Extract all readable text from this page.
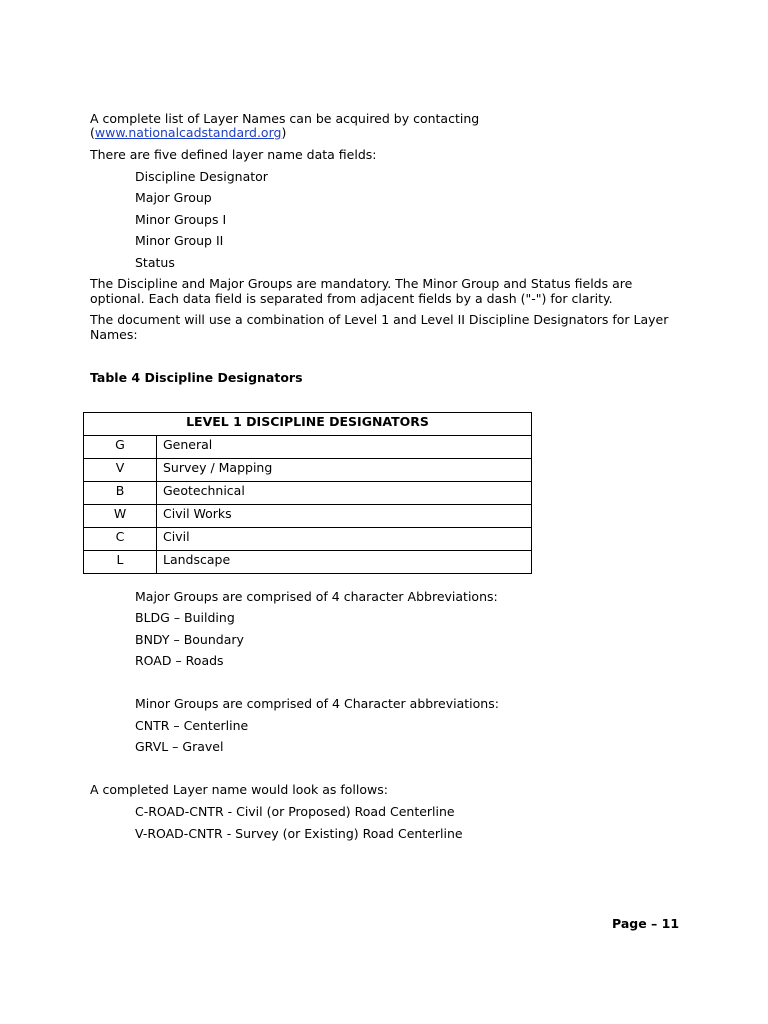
A complete list of Layer Names can be acquired by contacting
(www.nationalcadstandard.org)
There are five defined layer name data fields:
Discipline Designator
Major Group
Minor Groups I
Minor Group II
Status
The Discipline and Major Groups are mandatory. The Minor Group and Status fields are
optional. Each data field is separated from adjacent fields by a dash ("-") for clarity.
The document will use a combination of Level 1 and Level II Discipline Designators for Layer
Names:
Table 4 Discipline Designators
LEVEL 1 DISCIPLINE DESIGNATORS	
G	General
V	Survey / Mapping
B	Geotechnical
W	Civil Works
C	Civil
L	Landscape
Major Groups are comprised of 4 character Abbreviations:
BLDG – Building
BNDY – Boundary
ROAD – Roads
Minor Groups are comprised of 4 Character abbreviations:
CNTR – Centerline
GRVL – Gravel
A completed Layer name would look as follows:
C-ROAD-CNTR - Civil (or Proposed) Road Centerline
V-ROAD-CNTR - Survey (or Existing) Road Centerline
Page – 11
